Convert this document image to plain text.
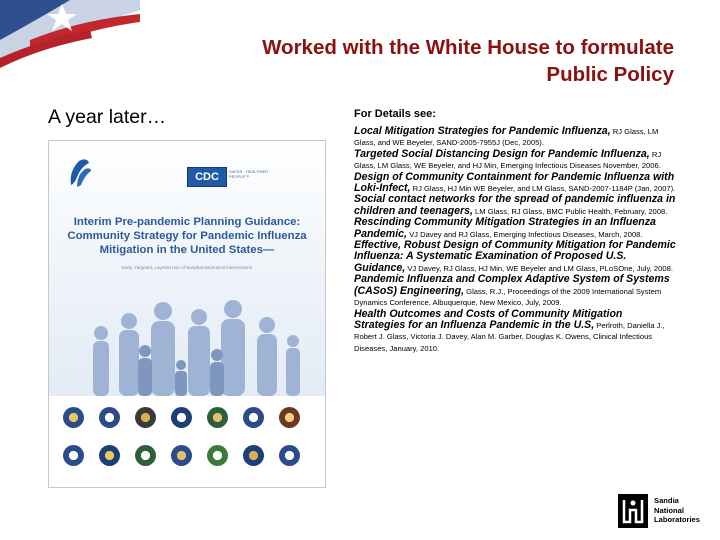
Worked with the White House to formulate
Public Policy
A year later…
CDC	SAFER · HEALTHIER · PEOPLE™
Interim Pre-pandemic Planning Guidance:
Community Strategy for Pandemic Influenza
Mitigation in the United States—
Early, Targeted, Layered Use of Nonpharmaceutical Interventions
For Details see:

Local Mitigation Strategies for Pandemic Influenza, RJ Glass, LM Glass, and WE Beyeler, SAND-2005-7955J (Dec, 2005).

Targeted Social Distancing Design for Pandemic Influenza, RJ Glass, LM Glass, WE Beyeler, and HJ Min, Emerging Infectious Diseases November, 2006.

Design of Community Containment for Pandemic Influenza with Loki-Infect, RJ Glass, HJ Min WE Beyeler, and LM Glass, SAND-2007-1184P (Jan, 2007).

Social contact networks for the spread of pandemic influenza in children and teenagers, LM Glass, RJ Glass, BMC Public Health, February, 2008.

Rescinding Community Mitigation Strategies in an Influenza Pandemic, VJ Davey and RJ Glass, Emerging Infectious Diseases, March, 2008.

Effective, Robust Design of Community Mitigation for Pandemic Influenza: A Systematic Examination of Proposed U.S. Guidance, VJ Davey, RJ Glass, HJ Min, WE Beyeler and LM Glass, PLoSOne, July, 2008.

Pandemic Influenza and Complex Adaptive System of Systems (CASoS) Engineering, Glass, R.J., Proceedings of the 2009 International System Dynamics Conference, Albuquerque, New Mexico, July, 2009.

Health Outcomes and Costs of Community Mitigation Strategies for an Influenza Pandemic in the U.S, Perlroth, Daniella J., Robert J. Glass, Victoria J. Davey, Alan M. Garber, Douglas K. Owens, Clinical Infectious Diseases, January, 2010.

Sandia
National
Laboratories
